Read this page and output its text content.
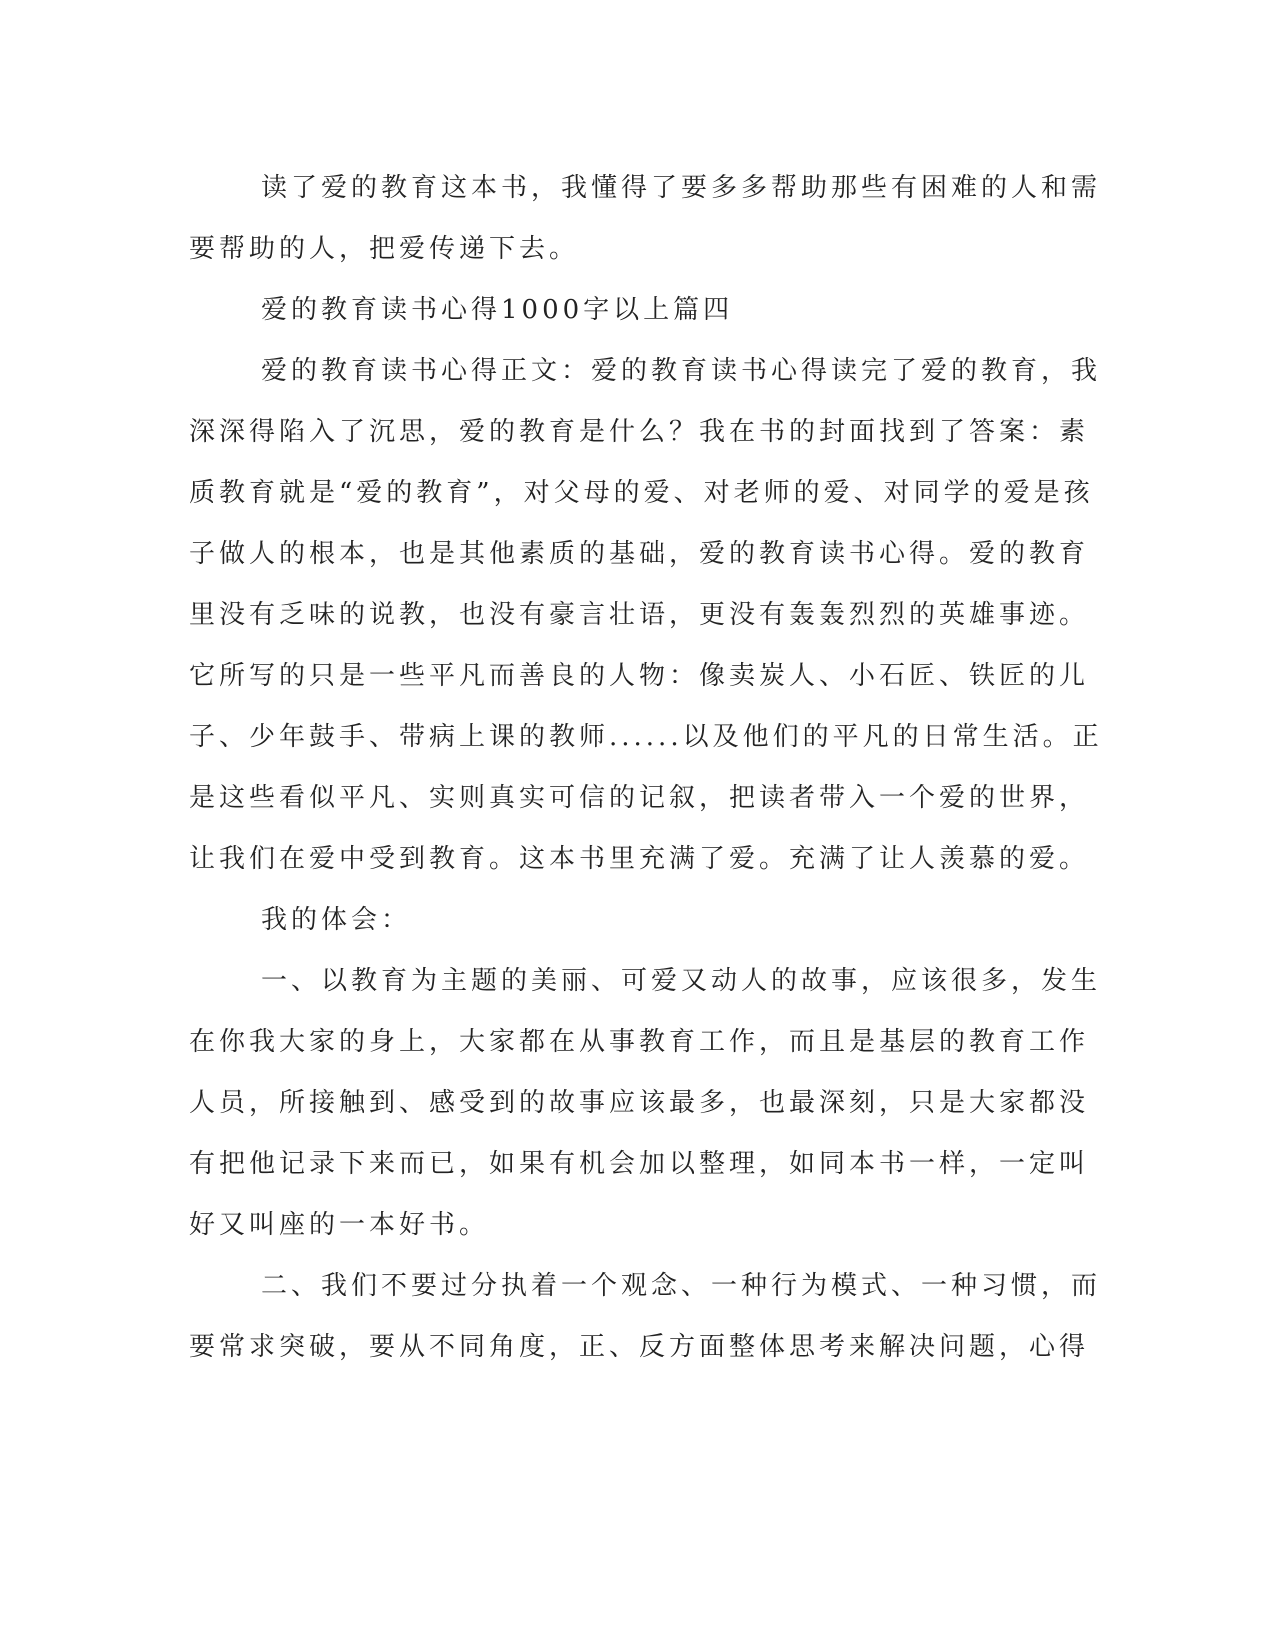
读了爱的教育这本书，我懂得了要多多帮助那些有困难的人和需
要帮助的人，把爱传递下去。
爱的教育读书心得1000字以上篇四
爱的教育读书心得正文：爱的教育读书心得读完了爱的教育，我
深深得陷入了沉思，爱的教育是什么？我在书的封面找到了答案：素
质教育就是“爱的教育”，对父母的爱、对老师的爱、对同学的爱是孩
子做人的根本，也是其他素质的基础，爱的教育读书心得。爱的教育
里没有乏味的说教，也没有豪言壮语，更没有轰轰烈烈的英雄事迹。
它所写的只是一些平凡而善良的人物：像卖炭人、小石匠、铁匠的儿
子、少年鼓手、带病上课的教师......以及他们的平凡的日常生活。正
是这些看似平凡、实则真实可信的记叙，把读者带入一个爱的世界，
让我们在爱中受到教育。这本书里充满了爱。充满了让人羡慕的爱。
我的体会：
一、以教育为主题的美丽、可爱又动人的故事，应该很多，发生
在你我大家的身上，大家都在从事教育工作，而且是基层的教育工作
人员，所接触到、感受到的故事应该最多，也最深刻，只是大家都没
有把他记录下来而已，如果有机会加以整理，如同本书一样，一定叫
好又叫座的一本好书。
二、我们不要过分执着一个观念、一种行为模式、一种习惯，而
要常求突破，要从不同角度，正、反方面整体思考来解决问题，心得
